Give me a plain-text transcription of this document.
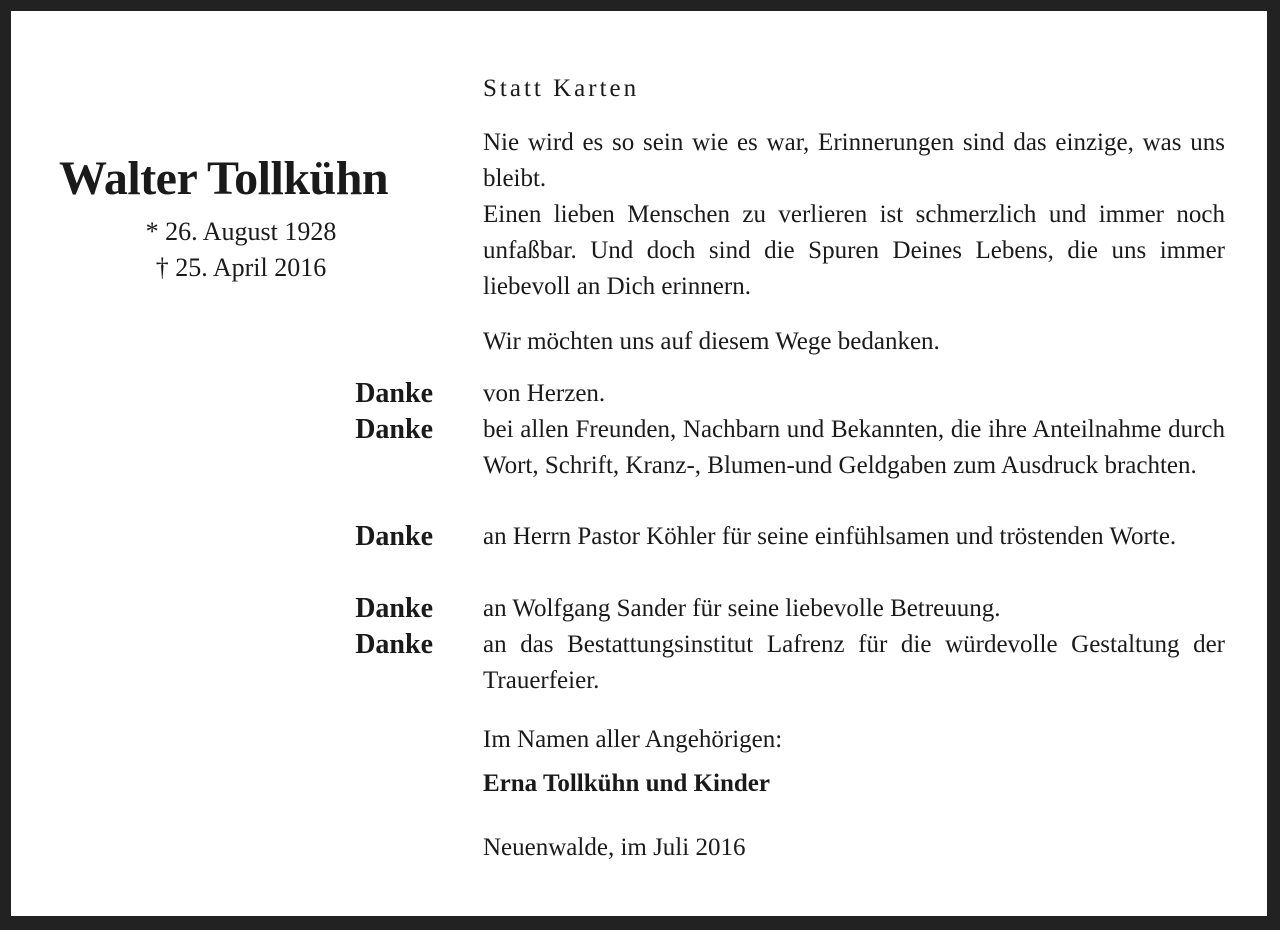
Walter Tollkühn
* 26. August 1928
† 25. April 2016
Statt Karten
Nie wird es so sein wie es war, Erinnerungen sind das einzige, was uns bleibt.
Einen lieben Menschen zu verlieren ist schmerzlich und immer noch unfaßbar. Und doch sind die Spuren Deines Lebens, die uns immer liebevoll an Dich erinnern.
Wir möchten uns auf diesem Wege bedanken.
Danke von Herzen.
Danke bei allen Freunden, Nachbarn und Bekannten, die ihre Anteilnahme durch Wort, Schrift, Kranz-, Blumen-und Geldgaben zum Ausdruck brachten.
Danke an Herrn Pastor Köhler für seine einfühlsamen und tröstenden Worte.
Danke an Wolfgang Sander für seine liebevolle Betreuung.
Danke an das Bestattungsinstitut Lafrenz für die würdevolle Gestaltung der Trauerfeier.
Im Namen aller Angehörigen:
Erna Tollkühn und Kinder
Neuenwalde, im Juli 2016
